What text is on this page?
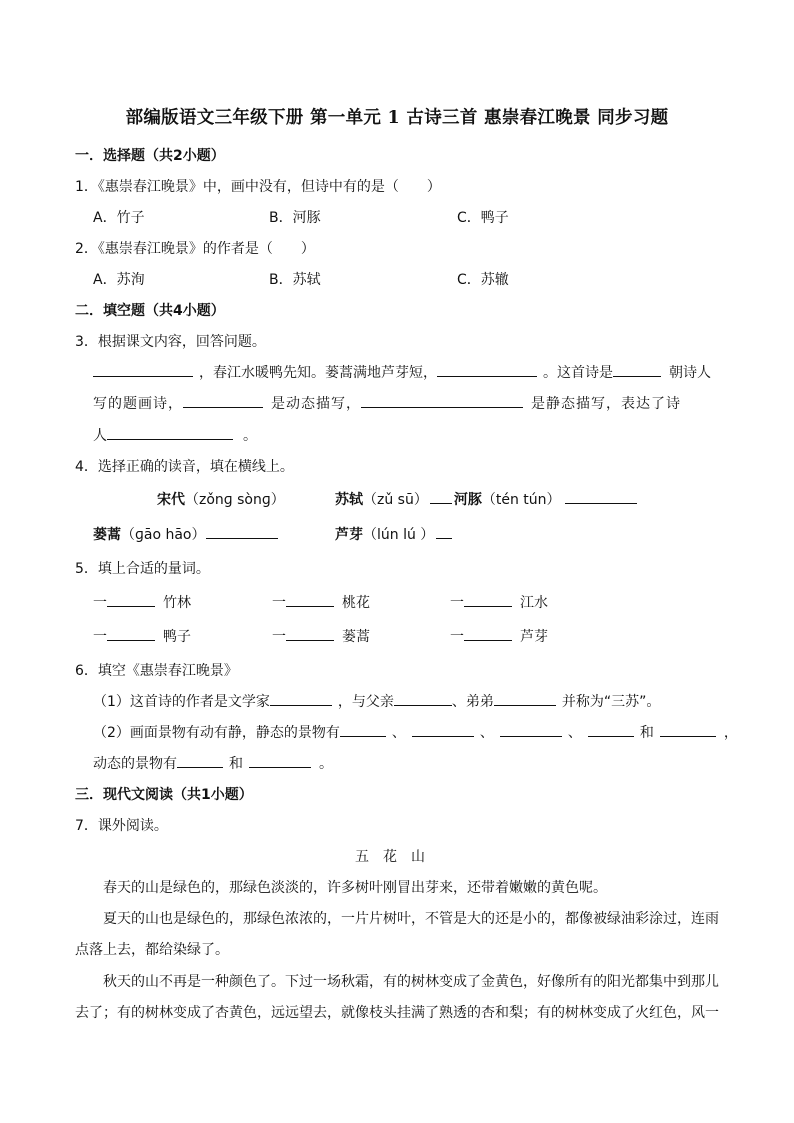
部编版语文三年级下册 第一单元 1 古诗三首 惠崇春江晚景 同步习题
一．选择题（共2小题）
1．《惠崇春江晚景》中，画中没有，但诗中有的是（　　）
A．竹子	B．河豚	C．鸭子
2．《惠崇春江晚景》的作者是（　　）
A．苏洵	B．苏轼	C．苏辙
二．填空题（共4小题）
3．根据课文内容，回答问题。
，春江水暖鸭先知。蒌蒿满地芦芽短，	。这首诗是	朝诗人
写的题画诗，	是动态描写，	是静态描写，表达了诗
人	。
4．选择正确的读音，填在横线上。
宋代（zǒnɡ sònɡ）	苏轼（zǔ sū） 河豚（tén tún）
蒌蒿（ɡāo hāo）	芦芽（lún lú ）
5．填上合适的量词。
一	竹林	一	桃花	一	江水
一	鸭子	一	蒌蒿	一	芦芽
6．填空《惠崇春江晚景》
（1）这首诗的作者是文学家	，与父亲	、弟弟	并称为“三苏”。
（2）画面景物有动有静，静态的景物有	、	、	、	和	，
动态的景物有	和	。
三．现代文阅读（共1小题）
7．课外阅读。
五花山
春天的山是绿色的，那绿色淡淡的，许多树叶刚冒出芽来，还带着嫩嫩的黄色呢。
夏天的山也是绿色的，那绿色浓浓的，一片片树叶，不管是大的还是小的，都像被绿油彩涂过，连雨
点落上去，都给染绿了。
秋天的山不再是一种颜色了。下过一场秋霜，有的树林变成了金黄色，好像所有的阳光都集中到那儿
去了；有的树林变成了杏黄色，远远望去，就像枝头挂满了熟透的杏和梨；有的树林变成了火红色，风一
